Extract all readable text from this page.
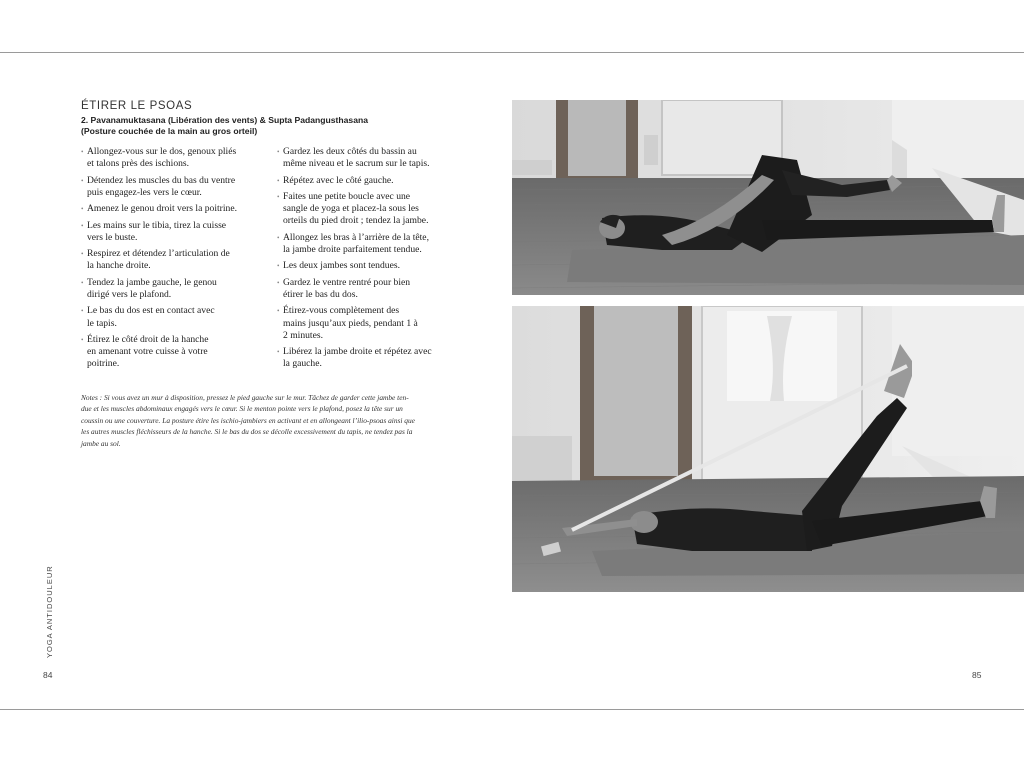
ÉTIRER LE PSOAS
2. Pavanamuktasana (Libération des vents) & Supta Padangusthasana
(Posture couchée de la main au gros orteil)
• Allongez-vous sur le dos, genoux pliés
et talons près des ischions.
• Détendez les muscles du bas du ventre
puis engagez-les vers le cœur.
• Amenez le genou droit vers la poitrine.
• Les mains sur le tibia, tirez la cuisse
vers le buste.
• Respirez et détendez l’articulation de
la hanche droite.
• Tendez la jambe gauche, le genou
dirigé vers le plafond.
• Le bas du dos est en contact avec
le tapis.
• Étirez le côté droit de la hanche
en amenant votre cuisse à votre
poitrine.
• Gardez les deux côtés du bassin au
même niveau et le sacrum sur le tapis.
• Répétez avec le côté gauche.
• Faites une petite boucle avec une
sangle de yoga et placez-la sous les
orteils du pied droit ; tendez la jambe.
• Allongez les bras à l’arrière de la tête,
la jambe droite parfaitement tendue.
• Les deux jambes sont tendues.
• Gardez le ventre rentré pour bien
étirer le bas du dos.
• Étirez-vous complètement des
mains jusqu’aux pieds, pendant 1 à
2 minutes.
• Libérez la jambe droite et répétez avec
la gauche.
Notes : Si vous avez un mur à disposition, pressez le pied gauche sur le mur. Tâchez de garder cette jambe ten-
due et les muscles abdominaux engagés vers le cœur. Si le menton pointe vers le plafond, posez la tête sur un
coussin ou une couverture. La posture étire les ischio-jambiers en activant et en allongeant l’ilio-psoas ainsi que
les autres muscles fléchisseurs de la hanche. Si le bas du dos se décolle excessivement du tapis, ne tendez pas la
jambe au sol.
YOGA ANTIDOULEUR
84	85
